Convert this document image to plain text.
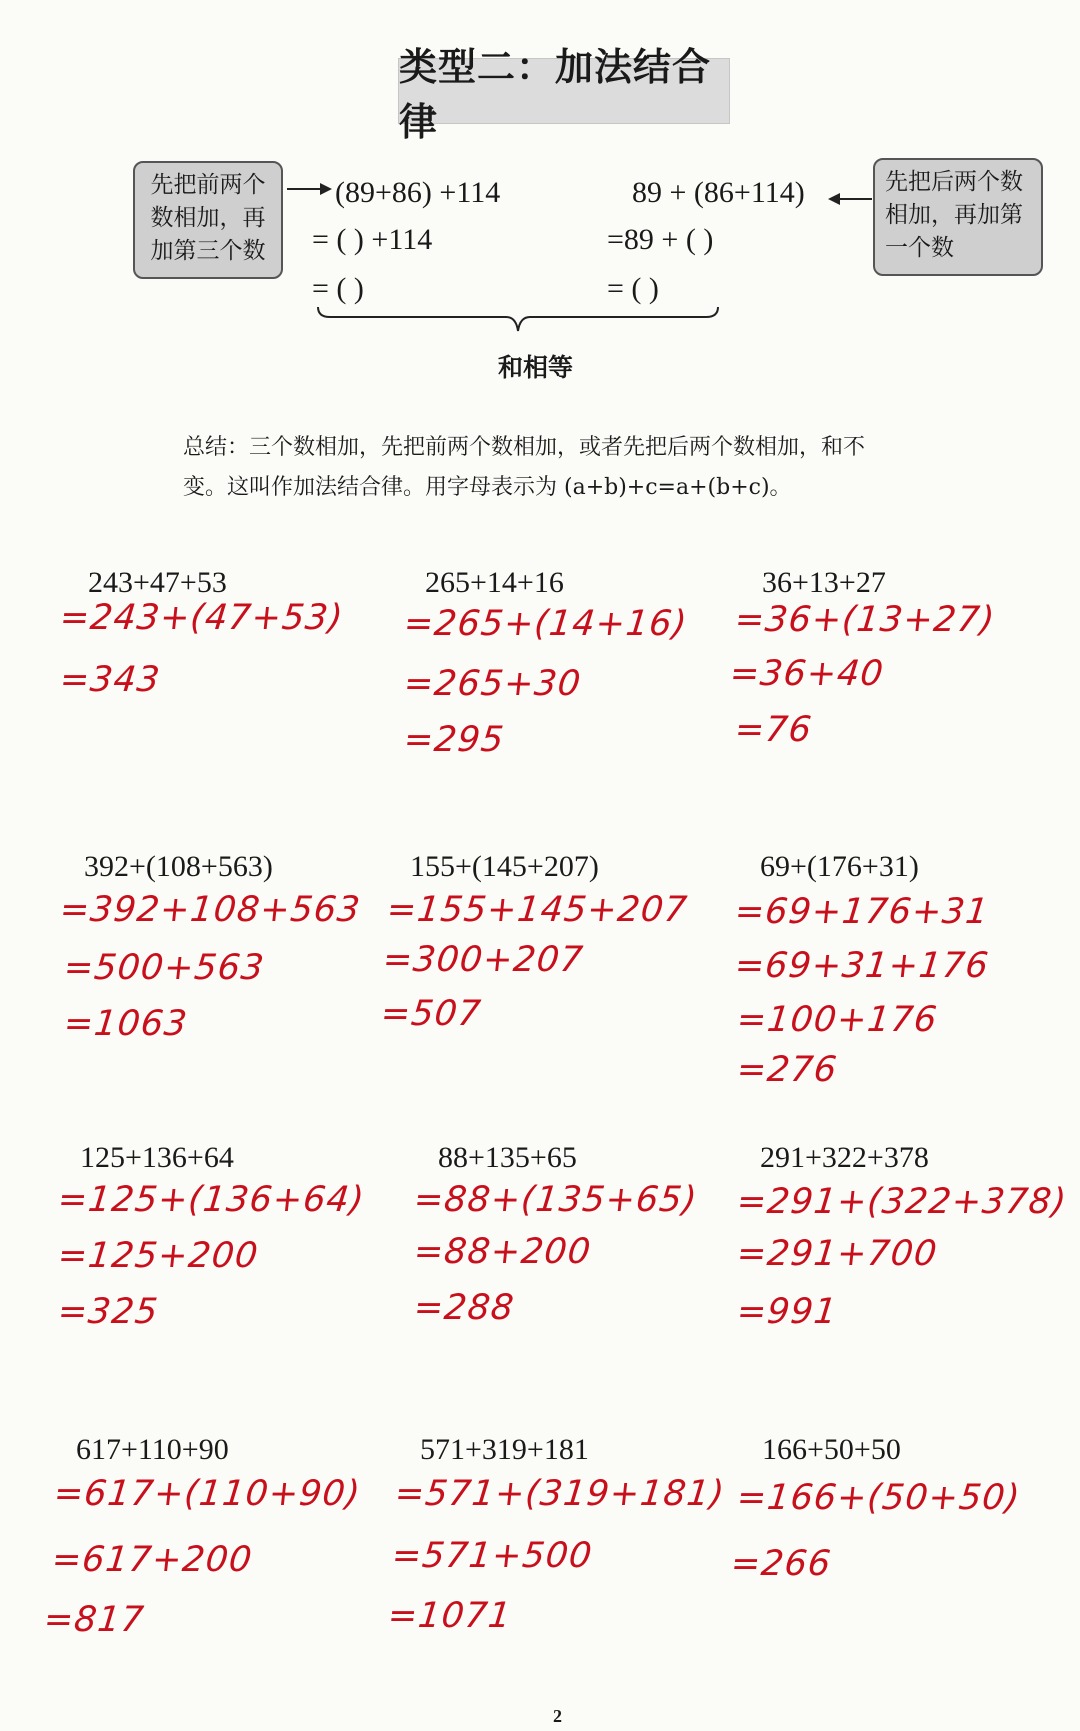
类型二：加法结合律
先把前两个
数相加，再
加第三个数
先把后两个数
相加，再加第
一个数
(89+86) +114
= ( ) +114
= ( )
89 + (86+114)
=89 + ( )
= ( )
和相等
总结：三个数相加，先把前两个数相加，或者先把后两个数相加，和不
变。这叫作加法结合律。用字母表示为 (a+b)+c=a+(b+c)。
243+47+53
=243+(47+53)
=343
265+14+16
=265+(14+16)
=265+30
=295
36+13+27
=36+(13+27)
=36+40
=76
392+(108+563)
=392+108+563
=500+563
=1063
155+(145+207)
=155+145+207
=300+207
=507
69+(176+31)
=69+176+31
=69+31+176
=100+176
=276
125+136+64
=125+(136+64)
=125+200
=325
88+135+65
=88+(135+65)
=88+200
=288
291+322+378
=291+(322+378)
=291+700
=991
617+110+90
=617+(110+90)
=617+200
=817
571+319+181
=571+(319+181)
=571+500
=1071
166+50+50
=166+(50+50)
=266
2
